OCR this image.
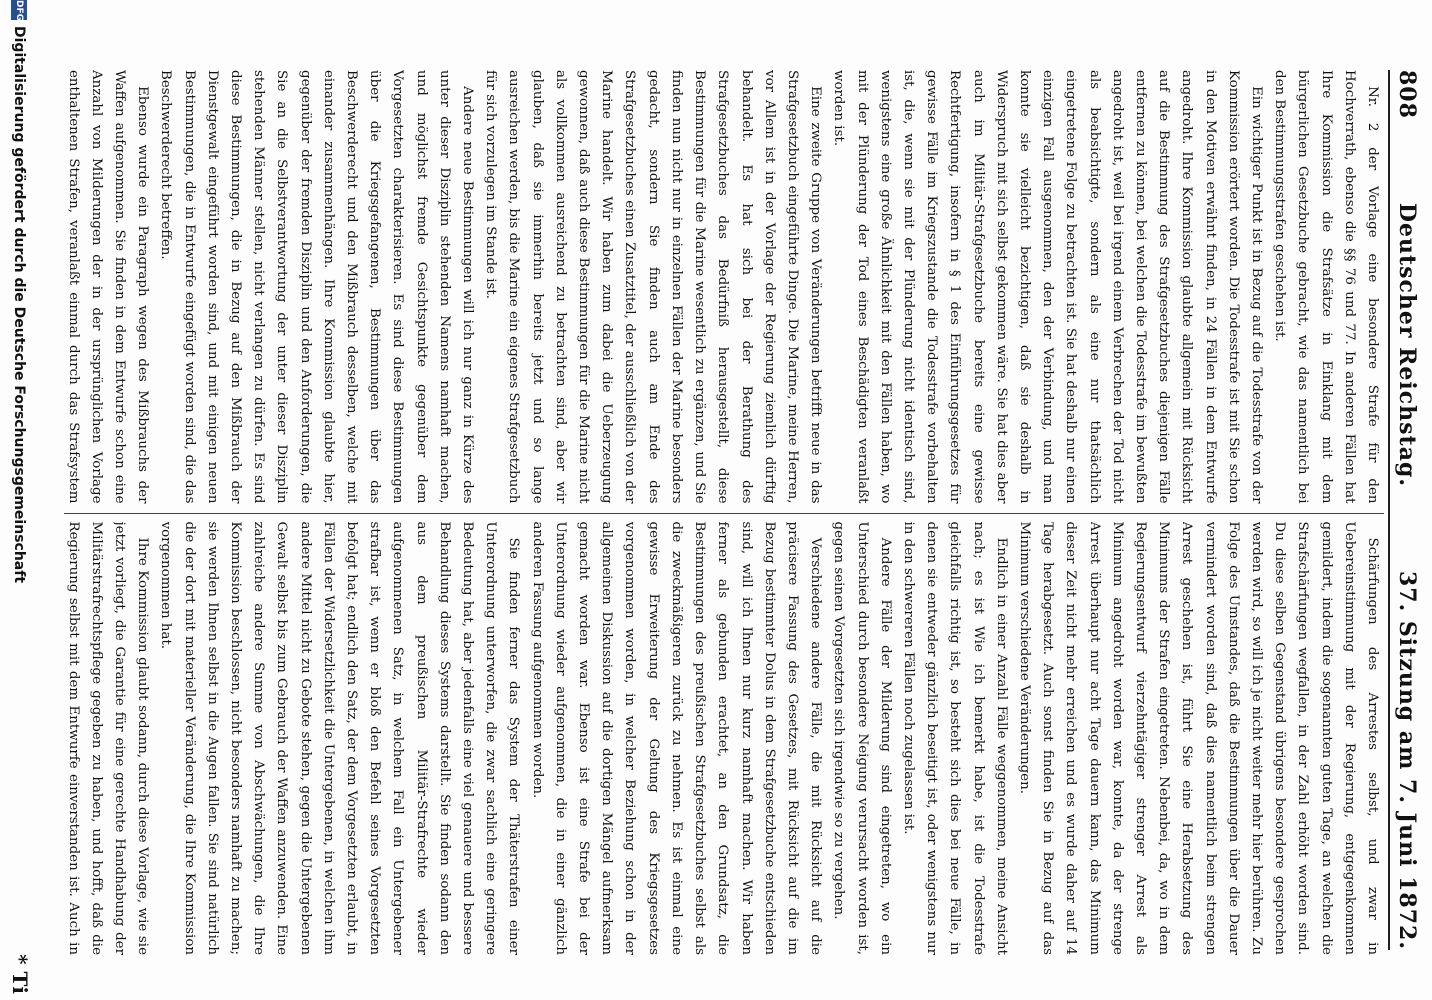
808
Deutscher Reichstag.
37. Sitzung am 7. Juni 1872.

Nr. 2 der Vorlage eine besondere Strafe für den Hochverrath, ebenso die §§ 76 und 77. In anderen Fällen hat Ihre Kommission die Strafsätze in Einklang mit dem bürgerlichen Gesetzbuche gebracht, wie das namentlich bei den Bestimmungsstrafen geschehen ist.

Ein wichtiger Punkt ist in Bezug auf die Todesstrafe von der Kommission erörtert worden. Die Todesstrafe ist mit Sie schon in den Motiven erwähnt finden, in 24 Fällen in dem Entwurfe angedroht. Ihre Kommission glaubte allgemein mit Rücksicht auf die Bestimmung des Strafgesetzbuches diejenigen Fälle entfernen zu können, bei welchen die Todesstrafe im bewußten angedroht ist, weil bei irgend einem Verbrechen der Tod nicht als beabsichtigte, sondern als eine nur thatsächlich eingetretene Folge zu betrachten ist. Sie hat deshalb nur einen einzigen Fall ausgenommen, den der Verbindung, und man konnte sie vielleicht bezichtigen, daß sie deshalb in Widerspruch mit sich selbst gekommen wäre. Sie hat dies aber auch im Militär-Strafgesetzbuche bereits eine gewisse Rechtfertigung, insofern in § 1 des Einführungsgesetzes für gewisse Fälle im Kriegszustande die Todesstrafe vorbehalten ist, die, wenn sie mit der Plünderung nicht identisch sind, wenigstens eine große Ähnlichkeit mit den Fällen haben, wo mit der Plünderung der Tod eines Beschädigten veranlaßt worden ist.

Eine zweite Gruppe von Veränderungen betrifft neue in das Strafgesetzbuch eingeführte Dinge. Die Marine, meine Herren, vor Allem ist in der Vorlage der Regierung ziemlich dürftig behandelt. Es hat sich bei der Berathung des Strafgesetzbuches das Bedürfniß herausgestellt, diese Bestimmungen für die Marine wesentlich zu ergänzen, und Sie finden nun nicht nur in einzelnen Fällen der Marine besonders gedacht, sondern Sie finden auch am Ende des Strafgesetzbuches einen Zusatztitel, der ausschließlich von der Marine handelt. Wir haben zum dabei die Ueberzeugung gewonnen, daß auch diese Bestimmungen für die Marine nicht als vollkommen ausreichend zu betrachten sind, aber wir glauben, daß sie immerhin bereits jetzt und so lange ausreichen werden, bis die Marine ein eigenes Strafgesetzbuch für sich vorzulegen im Stande ist.

Andere neue Bestimmungen will ich nur ganz in Kürze des unter dieser Disziplin stehenden Namens namhaft machen, und möglichst fremde Gesichtspunkte gegenüber dem Vorgesetzten charakterisieren. Es sind diese Bestimmungen über die Kriegsgefangenen, Bestimmungen über das Beschwerderecht und den Mißbrauch desselben, welche mit einander zusammenhängen. Ihre Kommission glaubte hier, gegenüber der fremden Disziplin und den Anforderungen, die Sie an die Selbstverantwortung der unter dieser Disziplin stehenden Männer stellen, nicht verlangen zu dürfen. Es sind diese Bestimmungen, die in Bezug auf den Mißbrauch der Dienstgewalt eingeführt worden sind, und mit einigen neuen Bestimmungen, die in Entwurfe eingefügt worden sind, die das Beschwerderecht betreffen.

Ebenso wurde ein Paragraph wegen des Mißbrauchs der Waffen aufgenommen. Sie finden in dem Entwurfe schon eine Anzahl von Milderungen der in der ursprünglichen Vorlage enthaltenen Strafen, veranlaßt einmal durch das Strafsystem

Schärfungen des Arrestes selbst, und zwar in Uebereinstimmung mit der Regierung, entgegenkommen gemildert, indem die sogenannten guten Tage, an welchen die Strafschärfungen wegfallen, in der Zahl erhöht worden sind. Du diese selben Gegenstand übrigens besondere gesprochen werden wird, so will ich je nicht weiter mehr hier berühren. Zu Folge des Umstandes, daß die Bestimmungen über die Dauer vermindert worden sind, daß dies namentlich beim strengen Arrest geschehen ist, führt Sie eine Herabsetzung des Minimums der Strafen eingetreten. Nebenbei, da, wo in dem Regierungsentwurf vierzehntägiger strenger Arrest als Minimum angedroht worden war, konnte, da der strenge Arrest überhaupt nur acht Tage dauern kann, das Minimum dieser Zeit nicht mehr erreichen und es wurde daher auf 14 Tage herabgesetzt. Auch sonst finden Sie in Bezug auf das Minimum verschiedene Veränderungen.

Endlich in einer Anzahl Fälle weggenommen, meine Ansicht nach; es ist Wie ich bemerkt habe, ist die Todesstrafe gleichfalls richtig ist, so besteht sich dies bei neue Fälle, in denen sie entweder gänzlich beseitigt ist, oder wenigstens nur in den schwereren Fällen noch zugelassen ist.

Andere Fälle der Milderung sind eingetreten, wo ein Unterschied durch besondere Neigung verursacht worden ist, gegen seinen Vorgesetzten sich irgendwie so zu vergehen.

Verschiedene andere Fälle, die mit Rücksicht auf die präcisere Fassung des Gesetzes, mit Rücksicht auf die im Bezug bestimmter Dolus in dem Strafgesetzbuche entschieden sind, will ich Ihnen nur kurz namhaft machen. Wir haben ferner als gebunden erachtet, an den Grundsatz, die Bestimmungen des preußischen Strafgesetzbuches selbst als die zweckmäßigeren zurück zu nehmen. Es ist einmal eine gewisse Erweiterung der Geltung des Kriegsgesetzes vorgenommen worden, in welcher Beziehung schon in der allgemeinen Diskussion auf die dortigen Mängel aufmerksam gemacht worden war. Ebenso ist eine Strafe bei der Unterordnung wieder aufgenommen, die in einer gänzlich anderen Fassung aufgenommen worden.

Sie finden ferner das System der Thäterstrafen einer Unterordnung unterworfen, die zwar sachlich eine geringere Bedeutung hat, aber jedenfalls eine viel genauere und bessere Behandlung dieses Systems darstellt. Sie finden sodann den aus dem preußischen Militär-Strafrechte wieder aufgenommenen Satz, in welchem Fall ein Untergebener strafbar ist, wenn er bloß den Befehl seines Vorgesetzten befolgt hat; endlich den Satz, der dem Vorgesetzten erlaubt, in Fällen der Widersetzlichkeit die Untergebenen, in welchen ihm andere Mittel nicht zu Gebote stehen, gegen die Untergebenen Gewalt selbst bis zum Gebrauch der Waffen anzuwenden. Eine zahlreiche andere Summe von Abschwächungen, die Ihre Kommission beschlossen, nicht besonders namhaft zu machen; sie werden Ihnen selbst in die Augen fallen. Sie sind natürlich die der dort mit materieller Veränderung, die Ihre Kommission vorgenommen hat.

Ihre Kommission glaubt sodann, durch diese Vorlage, wie sie jetzt vorliegt, die Garantie für eine gerechte Handhabung der Militärstrafrechtspflege gegeben zu haben, und hofft, daß die Regierung selbst mit dem Entwurfe einverstanden ist. Auch in

DFG
Digitalisierung gefördert durch die Deutsche Forschungsgemeinschaft
* Ti
